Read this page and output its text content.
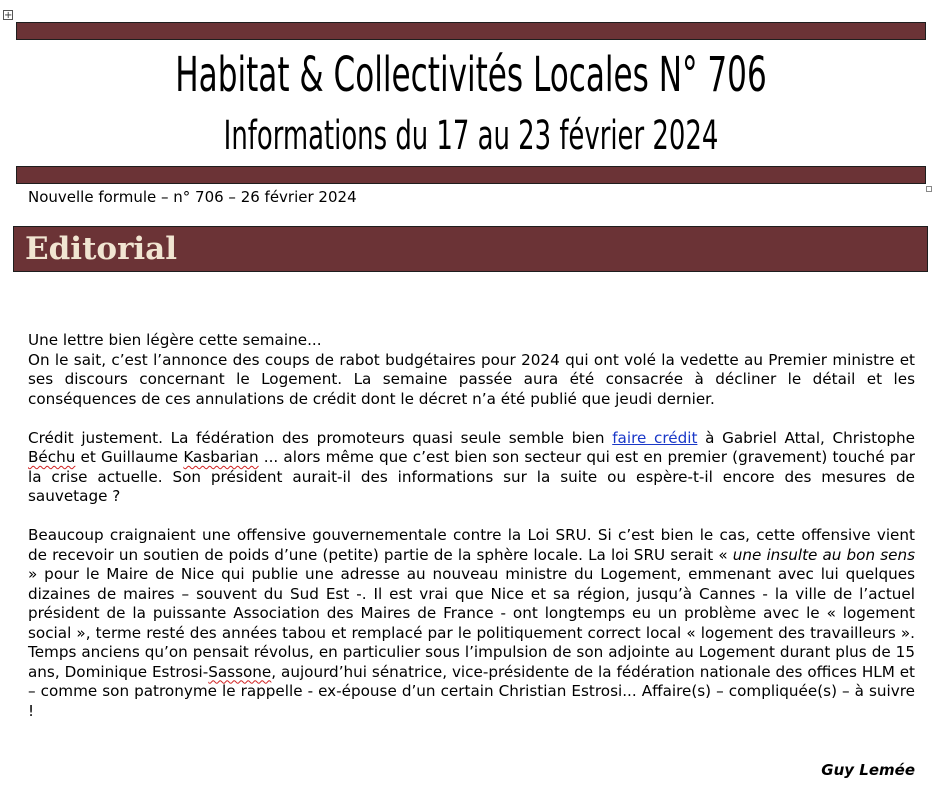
+
Habitat & Collectivités Locales N° 706
Informations du 17 au 23 février 2024
Nouvelle formule – n° 706 – 26 février 2024
Editorial

Une lettre bien légère cette semaine...

On le sait, c’est l’annonce des coups de rabot budgétaires pour 2024 qui ont volé la vedette au Premier ministre et ses discours concernant le Logement. La semaine passée aura été consacrée à décliner le détail et les conséquences de ces annulations de crédit dont le décret n’a été publié que jeudi dernier.

Crédit justement. La fédération des promoteurs quasi seule semble bien faire crédit à Gabriel Attal, Christophe Béchu et Guillaume Kasbarian ... alors même que c’est bien son secteur qui est en premier (gravement) touché par la crise actuelle. Son président aurait-il des informations sur la suite ou espère-t-il encore des mesures de sauvetage ?

Beaucoup craignaient une offensive gouvernementale contre la Loi SRU. Si c’est bien le cas, cette offensive vient de recevoir un soutien de poids d’une (petite) partie de la sphère locale. La loi SRU serait « une insulte au bon sens » pour le Maire de Nice qui publie une adresse au nouveau ministre du Logement, emmenant avec lui quelques dizaines de maires – souvent du Sud Est -. Il est vrai que Nice et sa région, jusqu’à Cannes - la ville de l’actuel président de la puissante Association des Maires de France - ont longtemps eu un problème avec le « logement social », terme resté des années tabou et remplacé par le politiquement correct local « logement des travailleurs ». Temps anciens qu’on pensait révolus, en particulier sous l’impulsion de son adjointe au Logement durant plus de 15 ans, Dominique Estrosi-Sassone, aujourd’hui sénatrice, vice-présidente de la fédération nationale des offices HLM et – comme son patronyme le rappelle - ex-épouse d’un certain Christian Estrosi... Affaire(s) – compliquée(s) – à suivre !

Guy Lemée
